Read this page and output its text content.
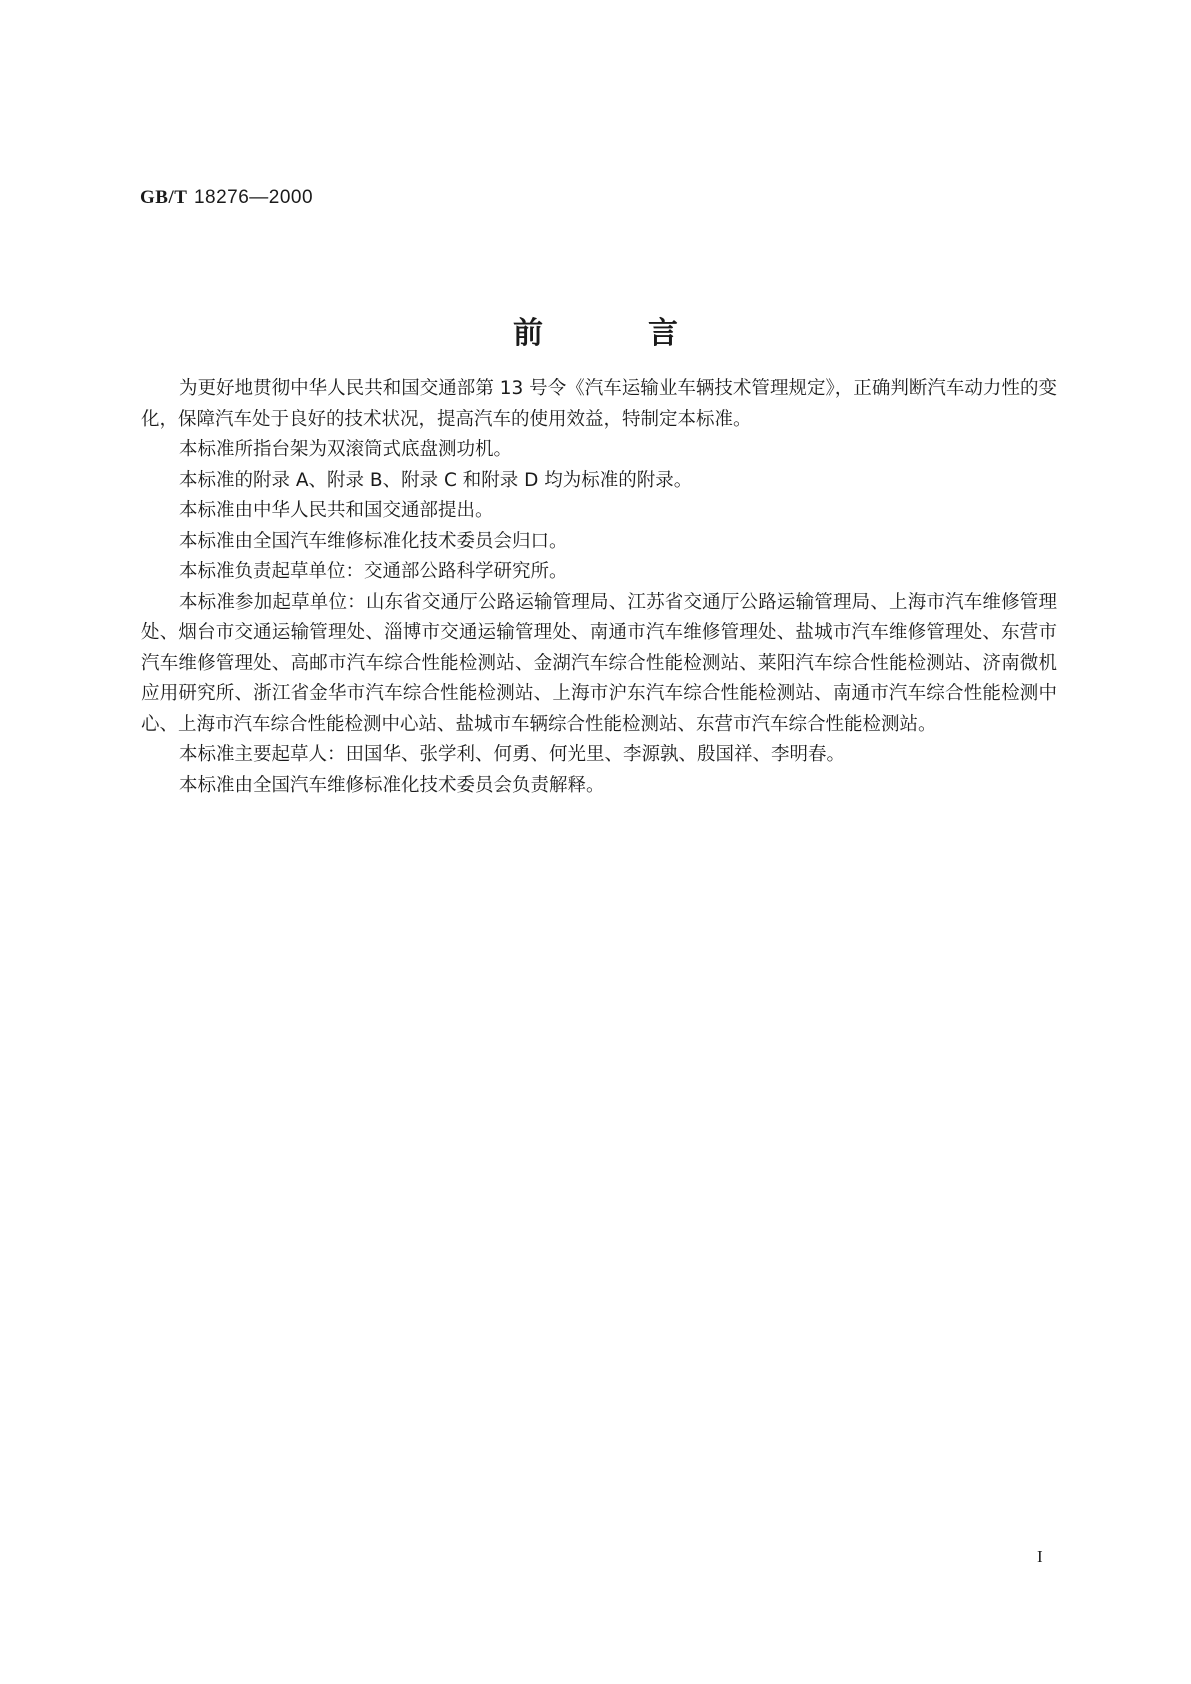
GB/T 18276—2000
前	言

为更好地贯彻中华人民共和国交通部第 13 号令《汽车运输业车辆技术管理规定》，正确判断汽车动力性的变化，保障汽车处于良好的技术状况，提高汽车的使用效益，特制定本标准。

本标准所指台架为双滚筒式底盘测功机。

本标准的附录 A、附录 B、附录 C 和附录 D 均为标准的附录。

本标准由中华人民共和国交通部提出。

本标准由全国汽车维修标准化技术委员会归口。

本标准负责起草单位：交通部公路科学研究所。

本标准参加起草单位：山东省交通厅公路运输管理局、江苏省交通厅公路运输管理局、上海市汽车维修管理处、烟台市交通运输管理处、淄博市交通运输管理处、南通市汽车维修管理处、盐城市汽车维修管理处、东营市汽车维修管理处、高邮市汽车综合性能检测站、金湖汽车综合性能检测站、莱阳汽车综合性能检测站、济南微机应用研究所、浙江省金华市汽车综合性能检测站、上海市沪东汽车综合性能检测站、南通市汽车综合性能检测中心、上海市汽车综合性能检测中心站、盐城市车辆综合性能检测站、东营市汽车综合性能检测站。

本标准主要起草人：田国华、张学利、何勇、何光里、李源孰、殷国祥、李明春。

本标准由全国汽车维修标准化技术委员会负责解释。

I
